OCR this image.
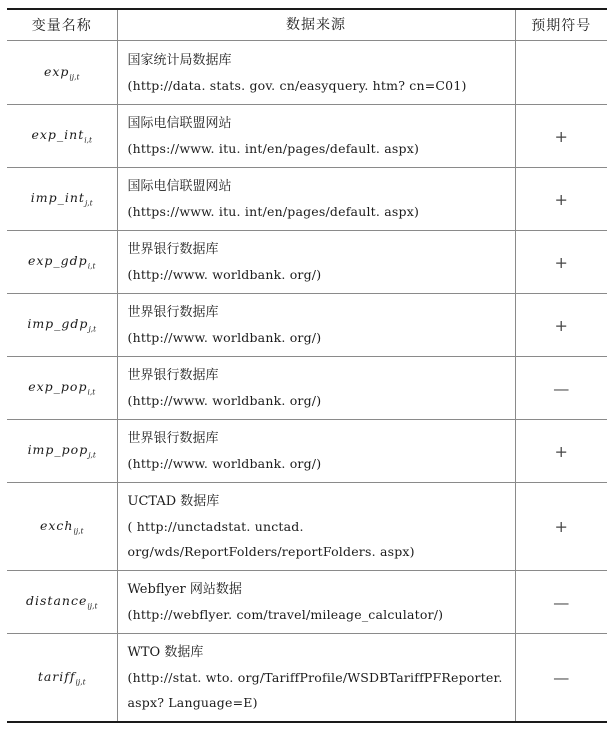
变量名称	数据来源	预期符号
$\exp_{ij,t}$	国家统计局数据库
(http://data. stats. gov. cn/easyquery. htm? cn=C01)	

exp_int$_{i,t}$	国际电信联盟网站
(https://www. itu. int/en/pages/default. aspx)	+
imp_int$_{j,t}$	国际电信联盟网站
(https://www. itu. int/en/pages/default. aspx)	+
exp_gdp$_{i,t}$	世界银行数据库
(http://www. worldbank. org/)	+
imp_gdp$_{j,t}$	世界银行数据库
(http://www. worldbank. org/)	+
exp_pop$_{i,t}$	世界银行数据库
(http://www. worldbank. org/)	—
imp_pop$_{j,t}$	世界银行数据库
(http://www. worldbank. org/)	+
exch$_{ij,t}$	UCTAD 数据库
( http://unctadstat. unctad. org/wds/ReportFolders/reportFolders. aspx)	+
distance$_{ij,t}$	Webflyer 网站数据
(http://webflyer. com/travel/mileage_calculator/)	—
tariff$_{ij,t}$	WTO 数据库
(http://stat. wto. org/TariffProfile/WSDBTariffPFReporter. aspx? Language=E)	—
